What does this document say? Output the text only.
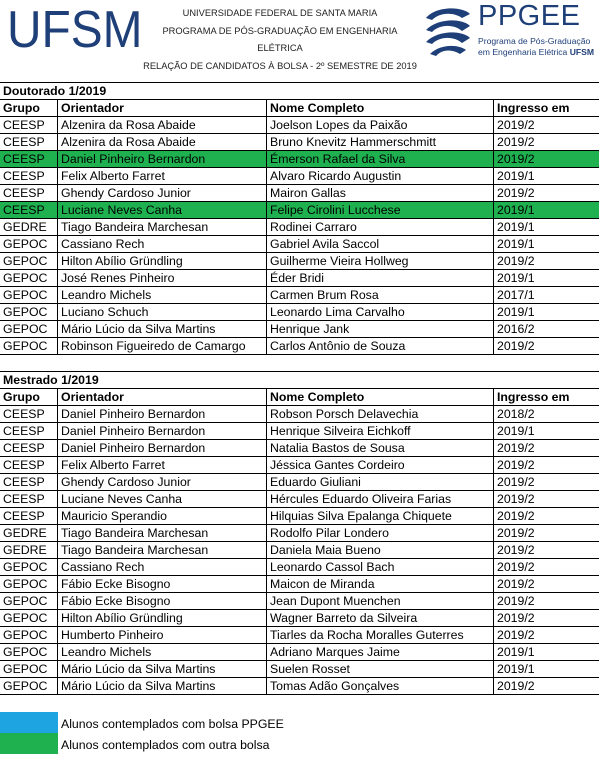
UFSM	UNIVERSIDADE FEDERAL DE SANTA MARIA
PROGRAMA DE PÓS-GRADUAÇÃO EM ENGENHARIA ELÉTRICA
RELAÇÃO DE CANDIDATOS À BOLSA - 2º SEMESTRE DE 2019
PPGEE
Programa de Pós-Graduação
em Engenharia Elétrica UFSM
Doutorado 1/2019
Grupo	Orientador	Nome Completo	Ingresso em
CEESP	Alzenira da Rosa Abaide	Joelson Lopes da Paixão	2019/2
CEESP	Alzenira da Rosa Abaide	Bruno Knevitz Hammerschmitt	2019/2
CEESP	Daniel Pinheiro Bernardon	Émerson Rafael da Silva	2019/2
CEESP	Felix Alberto Farret	Alvaro Ricardo Augustin	2019/1
CEESP	Ghendy Cardoso Junior	Mairon Gallas	2019/2
CEESP	Luciane Neves Canha	Felipe Cirolini Lucchese	2019/1
GEDRE	Tiago Bandeira Marchesan	Rodinei Carraro	2019/1
GEPOC	Cassiano Rech	Gabriel Avila Saccol	2019/1
GEPOC	Hilton Abílio Gründling	Guilherme Vieira Hollweg	2019/2
GEPOC	José Renes Pinheiro	Éder Bridi	2019/1
GEPOC	Leandro Michels	Carmen Brum Rosa	2017/1
GEPOC	Luciano Schuch	Leonardo Lima Carvalho	2019/1
GEPOC	Mário Lúcio da Silva Martins	Henrique Jank	2016/2
GEPOC	Robinson Figueiredo de Camargo	Carlos Antônio de Souza	2019/2
Mestrado 1/2019
Grupo	Orientador	Nome Completo	Ingresso em
CEESP	Daniel Pinheiro Bernardon	Robson Porsch Delavechia	2018/2
CEESP	Daniel Pinheiro Bernardon	Henrique Silveira Eichkoff	2019/1
CEESP	Daniel Pinheiro Bernardon	Natalia Bastos de Sousa	2019/2
CEESP	Felix Alberto Farret	Jéssica Gantes Cordeiro	2019/2
CEESP	Ghendy Cardoso Junior	Eduardo Giuliani	2019/2
CEESP	Luciane Neves Canha	Hércules Eduardo Oliveira Farias	2019/2
CEESP	Mauricio Sperandio	Hilquias Silva Epalanga Chiquete	2019/2
GEDRE	Tiago Bandeira Marchesan	Rodolfo Pilar Londero	2019/2
GEDRE	Tiago Bandeira Marchesan	Daniela Maia Bueno	2019/2
GEPOC	Cassiano Rech	Leonardo Cassol Bach	2019/2
GEPOC	Fábio Ecke Bisogno	Maicon de Miranda	2019/2
GEPOC	Fábio Ecke Bisogno	Jean Dupont Muenchen	2019/2
GEPOC	Hilton Abílio Gründling	Wagner Barreto da Silveira	2019/2
GEPOC	Humberto Pinheiro	Tiarles da Rocha Moralles Guterres	2019/2
GEPOC	Leandro Michels	Adriano Marques Jaime	2019/1
GEPOC	Mário Lúcio da Silva Martins	Suelen Rosset	2019/1
GEPOC	Mário Lúcio da Silva Martins	Tomas Adão Gonçalves	2019/2
Alunos contemplados com bolsa PPGEE
Alunos contemplados com outra bolsa
